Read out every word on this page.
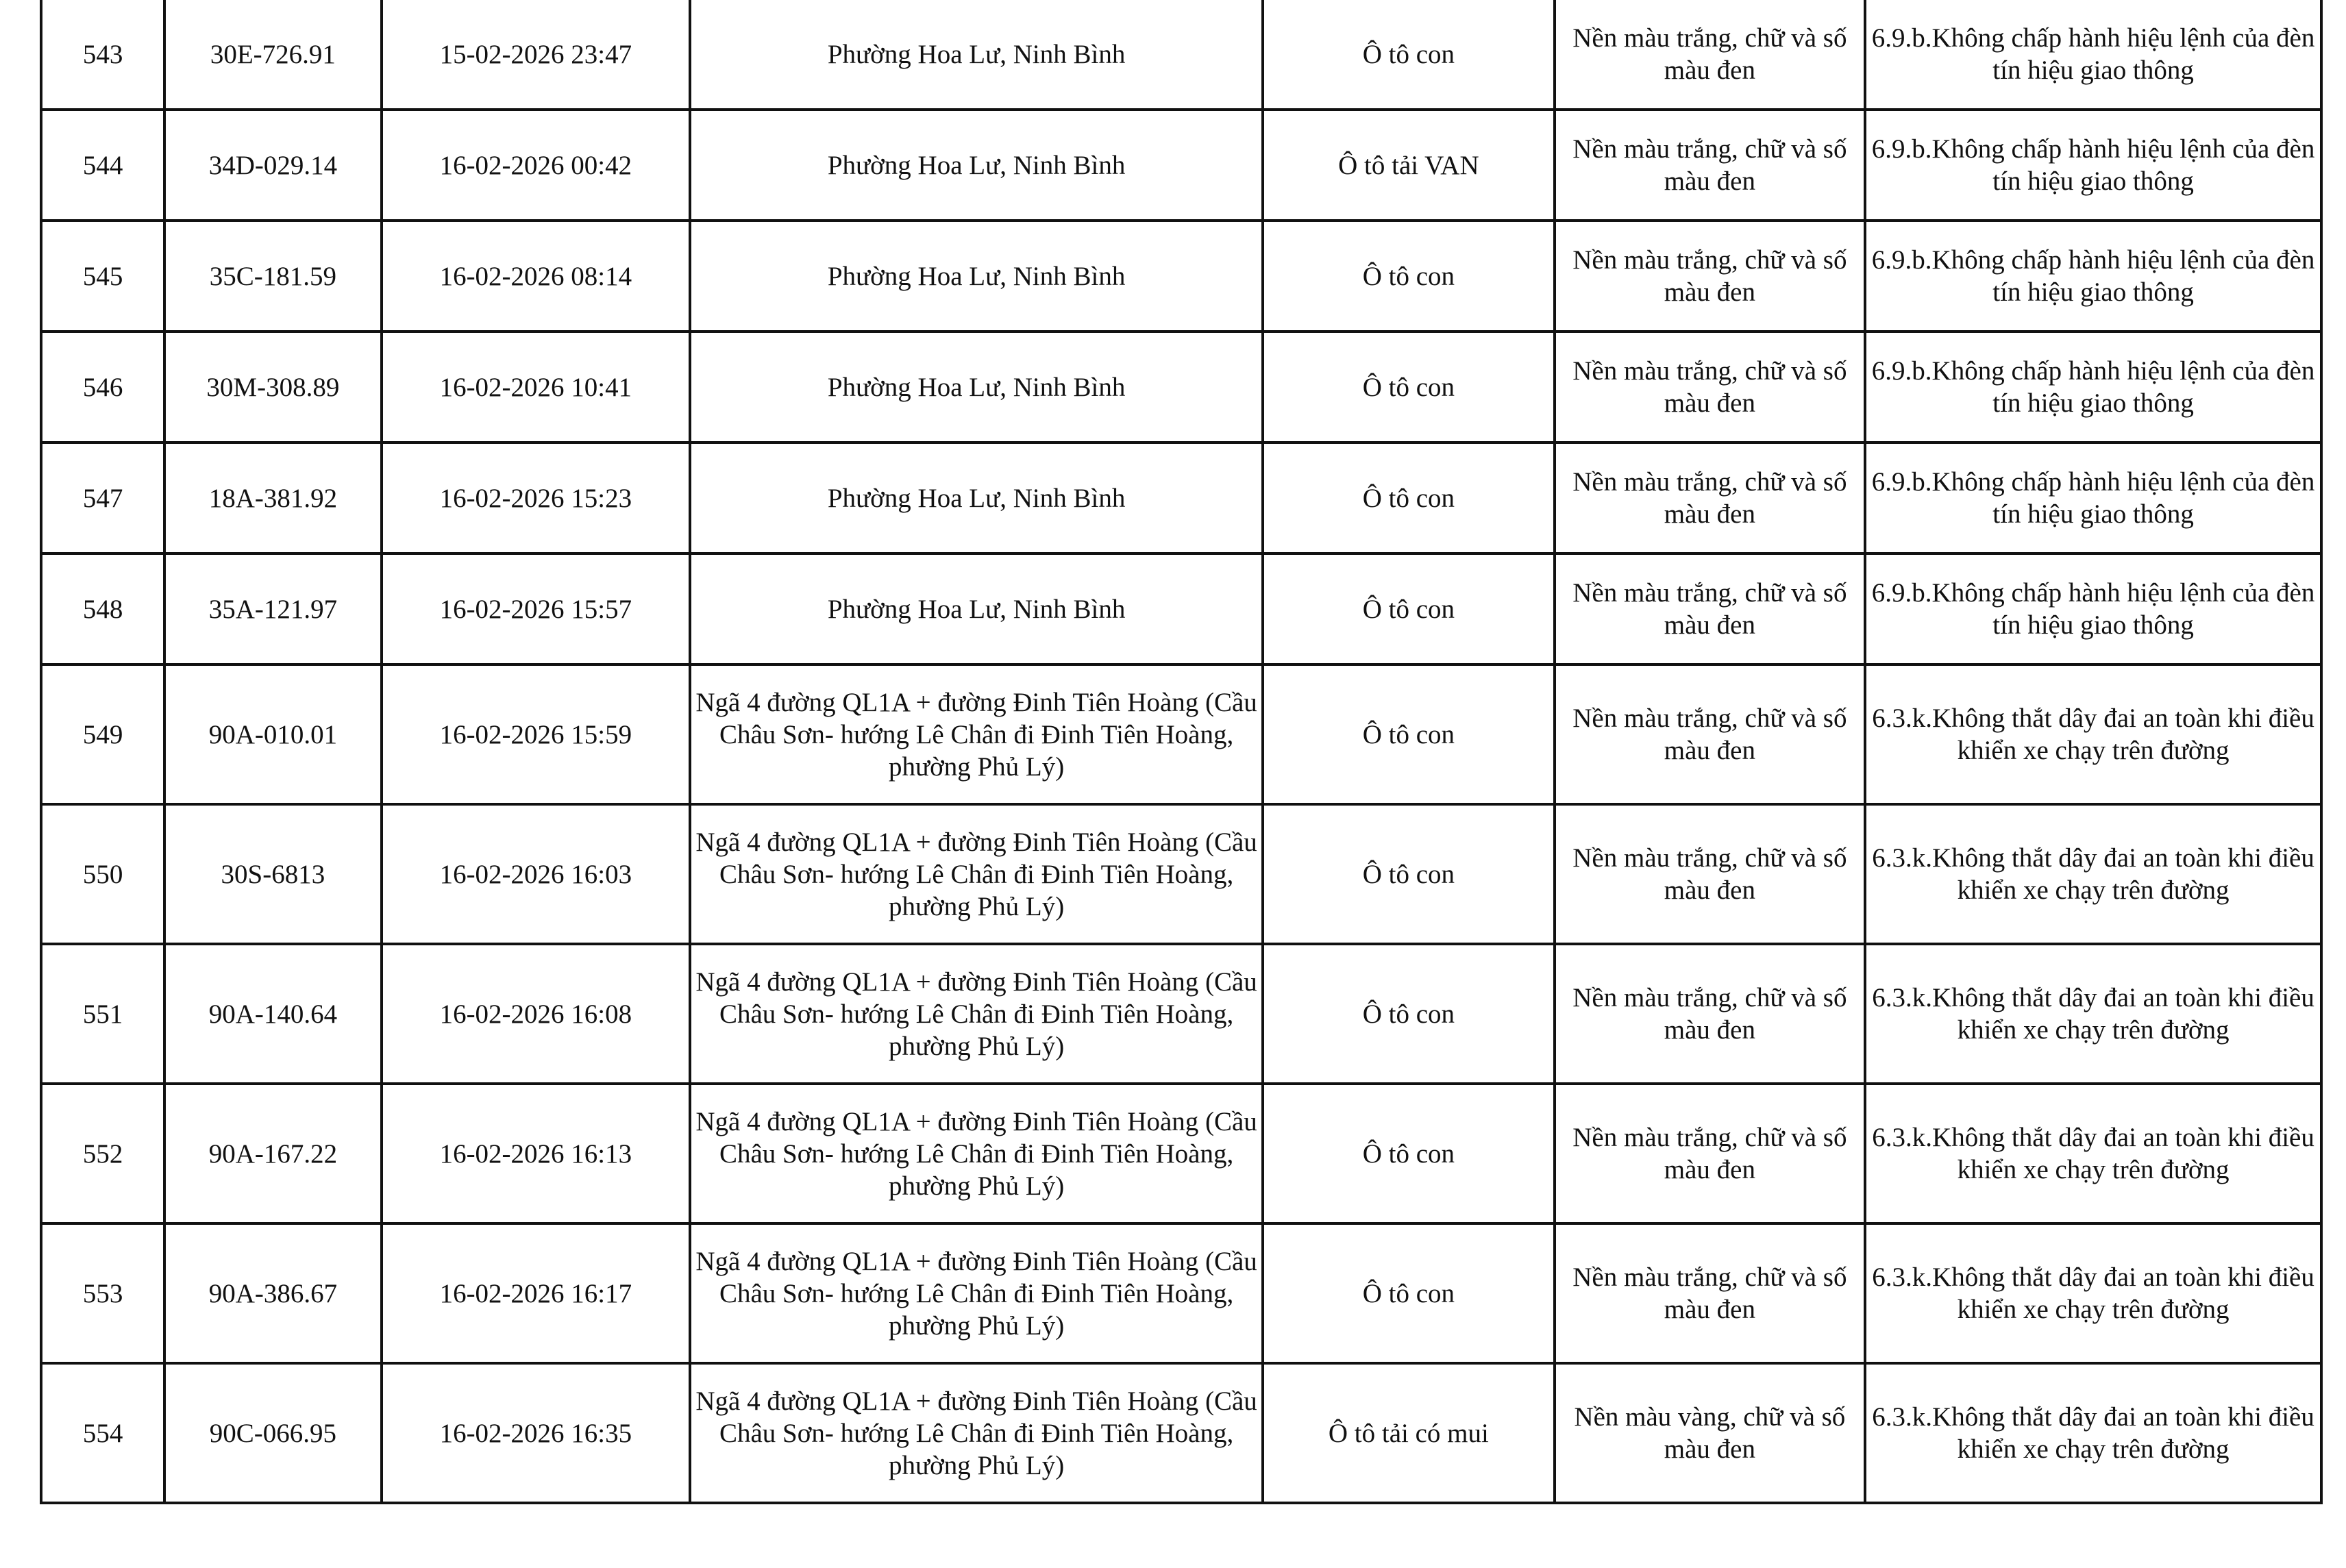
543	30E-726.91	15-02-2026 23:47	Phường Hoa Lư, Ninh Bình	Ô tô con	Nền màu trắng, chữ và số màu đen	6.9.b.Không chấp hành hiệu lệnh của đèn tín hiệu giao thông
544	34D-029.14	16-02-2026 00:42	Phường Hoa Lư, Ninh Bình	Ô tô tải VAN	Nền màu trắng, chữ và số màu đen	6.9.b.Không chấp hành hiệu lệnh của đèn tín hiệu giao thông
545	35C-181.59	16-02-2026 08:14	Phường Hoa Lư, Ninh Bình	Ô tô con	Nền màu trắng, chữ và số màu đen	6.9.b.Không chấp hành hiệu lệnh của đèn tín hiệu giao thông
546	30M-308.89	16-02-2026 10:41	Phường Hoa Lư, Ninh Bình	Ô tô con	Nền màu trắng, chữ và số màu đen	6.9.b.Không chấp hành hiệu lệnh của đèn tín hiệu giao thông
547	18A-381.92	16-02-2026 15:23	Phường Hoa Lư, Ninh Bình	Ô tô con	Nền màu trắng, chữ và số màu đen	6.9.b.Không chấp hành hiệu lệnh của đèn tín hiệu giao thông
548	35A-121.97	16-02-2026 15:57	Phường Hoa Lư, Ninh Bình	Ô tô con	Nền màu trắng, chữ và số màu đen	6.9.b.Không chấp hành hiệu lệnh của đèn tín hiệu giao thông
549	90A-010.01	16-02-2026 15:59	Ngã 4 đường QL1A + đường Đinh Tiên Hoàng (Cầu Châu Sơn- hướng Lê Chân đi Đinh Tiên Hoàng, phường Phủ Lý)	Ô tô con	Nền màu trắng, chữ và số màu đen	6.3.k.Không thắt dây đai an toàn khi điều khiển xe chạy trên đường
550	30S-6813	16-02-2026 16:03	Ngã 4 đường QL1A + đường Đinh Tiên Hoàng (Cầu Châu Sơn- hướng Lê Chân đi Đinh Tiên Hoàng, phường Phủ Lý)	Ô tô con	Nền màu trắng, chữ và số màu đen	6.3.k.Không thắt dây đai an toàn khi điều khiển xe chạy trên đường
551	90A-140.64	16-02-2026 16:08	Ngã 4 đường QL1A + đường Đinh Tiên Hoàng (Cầu Châu Sơn- hướng Lê Chân đi Đinh Tiên Hoàng, phường Phủ Lý)	Ô tô con	Nền màu trắng, chữ và số màu đen	6.3.k.Không thắt dây đai an toàn khi điều khiển xe chạy trên đường
552	90A-167.22	16-02-2026 16:13	Ngã 4 đường QL1A + đường Đinh Tiên Hoàng (Cầu Châu Sơn- hướng Lê Chân đi Đinh Tiên Hoàng, phường Phủ Lý)	Ô tô con	Nền màu trắng, chữ và số màu đen	6.3.k.Không thắt dây đai an toàn khi điều khiển xe chạy trên đường
553	90A-386.67	16-02-2026 16:17	Ngã 4 đường QL1A + đường Đinh Tiên Hoàng (Cầu Châu Sơn- hướng Lê Chân đi Đinh Tiên Hoàng, phường Phủ Lý)	Ô tô con	Nền màu trắng, chữ và số màu đen	6.3.k.Không thắt dây đai an toàn khi điều khiển xe chạy trên đường
554	90C-066.95	16-02-2026 16:35	Ngã 4 đường QL1A + đường Đinh Tiên Hoàng (Cầu Châu Sơn- hướng Lê Chân đi Đinh Tiên Hoàng, phường Phủ Lý)	Ô tô tải có mui	Nền màu vàng, chữ và số màu đen	6.3.k.Không thắt dây đai an toàn khi điều khiển xe chạy trên đường
